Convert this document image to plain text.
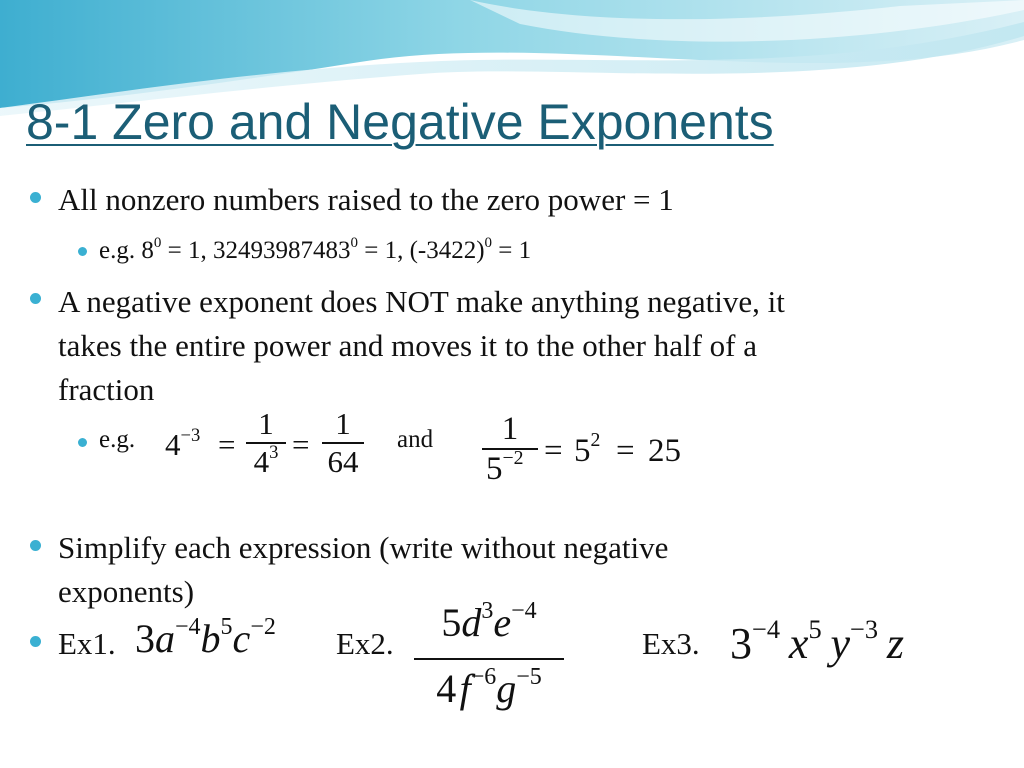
8-1 Zero and Negative Exponents
All nonzero numbers raised to the zero power = 1
e.g. $8^0 = 1$, $32493987483^0 = 1$, $(-3422)^0 = 1$
A negative exponent does NOT make anything negative, it
takes the entire power and moves it to the other half of a
fraction
e.g. $4^{-3}$ =
1
$4^3$ =
1
64
and	1
$5^{-2} = 5^2 = 25$
Simplify each expression (write without negative
exponents)
Ex1. $3a^{-4}b^5c^{-2}$ Ex2.	$5d^3e^{-4}$
4 $f^{-6}g^{-5}$
Ex3. $3^{-4}$  $x^5$  $y^{-3}$  z
